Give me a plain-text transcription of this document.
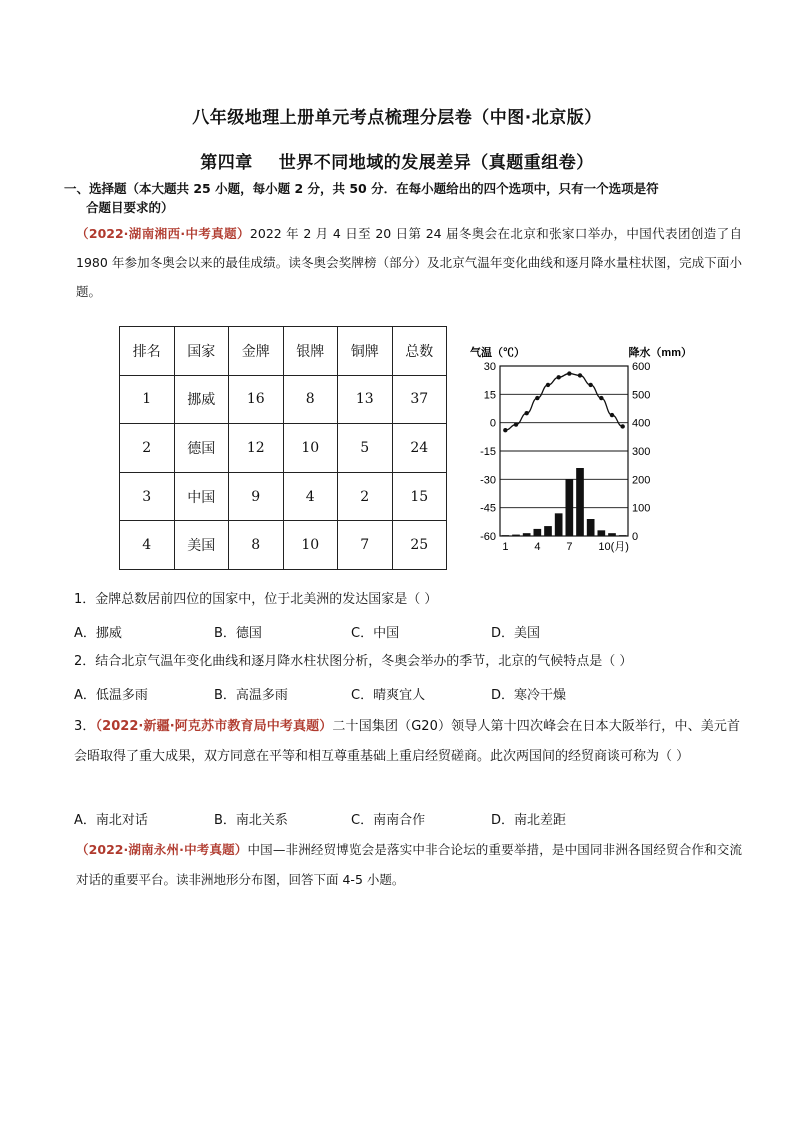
八年级地理上册单元考点梳理分层卷（中图·北京版）
第四章 世界不同地域的发展差异（真题重组卷）
一、选择题（本大题共 25 小题，每小题 2 分，共 50 分．在每小题给出的四个选项中，只有一个选项是符
合题目要求的）
（2022·湖南湘西·中考真题）2022 年 2 月 4 日至 20 日第 24 届冬奥会在北京和张家口举办，中国代表团创造了自 1980 年参加冬奥会以来的最佳成绩。读冬奥会奖牌榜（部分）及北京气温年变化曲线和逐月降水量柱状图，完成下面小题。
排名	国家	金牌	银牌	铜牌	总数
1	挪威	16	8	13	37
2	德国	12	10	5	24
3	中国	9	4	2	15
4	美国	8	10	7	25
气温（℃）	降水（mm）
30
15
0
-15
-30
-45
-60
600
500
400
300
200
100
0
1 4 7 10(月)
1．金牌总数居前四位的国家中，位于北美洲的发达国家是（ ）
A．挪威	B．德国	C．中国	D．美国
2．结合北京气温年变化曲线和逐月降水柱状图分析，冬奥会举办的季节，北京的气候特点是（ ）
A．低温多雨	B．高温多雨	C．晴爽宜人	D．寒冷干燥
3．（2022·新疆·阿克苏市教育局中考真题）二十国集团（G20）领导人第十四次峰会在日本大阪举行，中、美元首会晤取得了重大成果，双方同意在平等和相互尊重基础上重启经贸磋商。此次两国间的经贸商谈可称为（ ）
A．南北对话	B．南北关系	C．南南合作	D．南北差距
（2022·湖南永州·中考真题）中国—非洲经贸博览会是落实中非合论坛的重要举措，是中国同非洲各国经贸合作和交流对话的重要平台。读非洲地形分布图，回答下面 4-5 小题。
